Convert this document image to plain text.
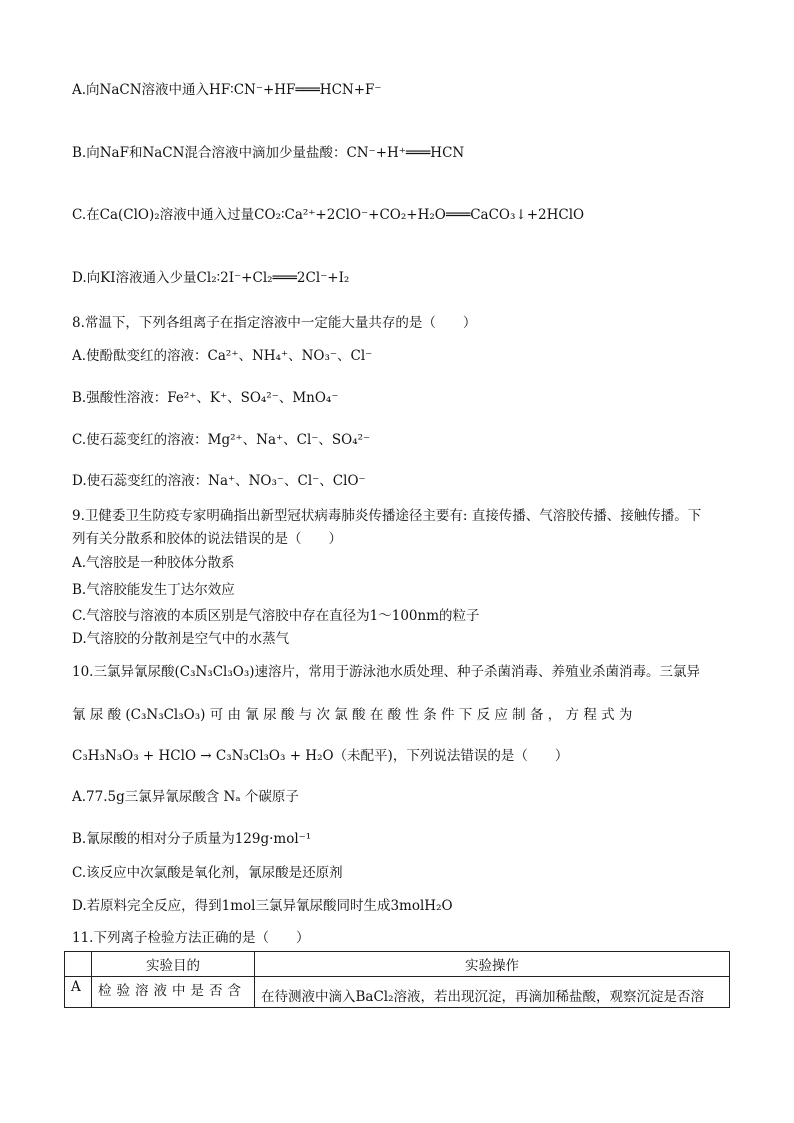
A.向NaCN溶液中通入HF∶CN⁻+HF═══HCN+F⁻
B.向NaF和NaCN混合溶液中滴加少量盐酸：CN⁻+H⁺═══HCN
C.在Ca(ClO)₂溶液中通入过量CO₂∶Ca²⁺+2ClO⁻+CO₂+H₂O═══CaCO₃↓+2HClO
D.向KI溶液通入少量Cl₂∶2I⁻+Cl₂═══2Cl⁻+I₂
8.常温下，下列各组离子在指定溶液中一定能大量共存的是（　　）
A.使酚酞变红的溶液：Ca²⁺、NH₄⁺、NO₃⁻、Cl⁻
B.强酸性溶液：Fe²⁺、K⁺、SO₄²⁻、MnO₄⁻
C.使石蕊变红的溶液：Mg²⁺、Na⁺、Cl⁻、SO₄²⁻
D.使石蕊变红的溶液：Na⁺、NO₃⁻、Cl⁻、ClO⁻
9.卫健委卫生防疫专家明确指出新型冠状病毒肺炎传播途径主要有: 直接传播、气溶胶传播、接触传播。下
列有关分散系和胶体的说法错误的是（　　）
A.气溶胶是一种胶体分散系
B.气溶胶能发生丁达尔效应
C.气溶胶与溶液的本质区别是气溶胶中存在直径为1～100nm的粒子
D.气溶胶的分散剂是空气中的水蒸气
10.三氯异氰尿酸(C₃N₃Cl₃O₃)速溶片，常用于游泳池水质处理、种子杀菌消毒、养殖业杀菌消毒。三氯异
氰 尿 酸 (C₃N₃Cl₃O₃) 可 由 氰 尿 酸 与 次 氯 酸 在 酸 性 条 件 下 反 应 制 备 ， 方 程 式 为
C₃H₃N₃O₃ + HClO → C₃N₃Cl₃O₃ + H₂O（未配平)，下列说法错误的是（　　）
A.77.5g三氯异氰尿酸含 Nₐ 个碳原子
B.氰尿酸的相对分子质量为129g·mol⁻¹
C.该反应中次氯酸是氧化剂，氰尿酸是还原剂
D.若原料完全反应，得到1mol三氯异氰尿酸同时生成3molH₂O
11.下列离子检验方法正确的是（　　）
	实验目的	实验操作
A	检验溶液中是否含	在待测液中滴入BaCl₂溶液，若出现沉淀，再滴加稀盐酸，观察沉淀是否溶
